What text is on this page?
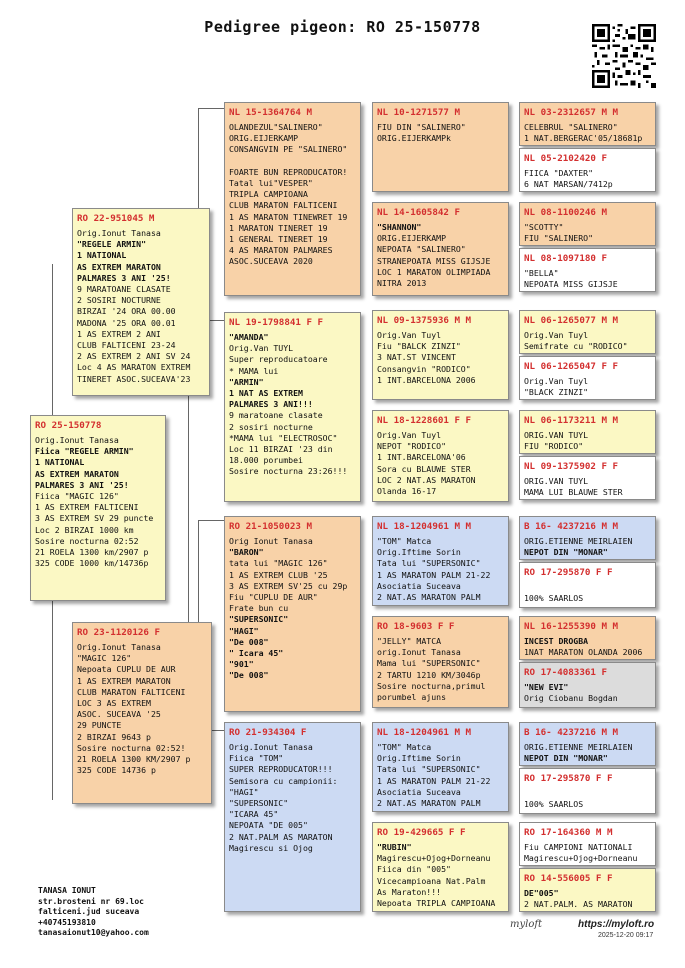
Pedigree pigeon: RO 25-150778
RO 25-150778
Orig.Ionut Tanasa
Fiica "REGELE ARMIN"
1 NATIONAL
AS EXTREM MARATON
PALMARES 3 ANI '25!
Fiica "MAGIC 126"
1 AS EXTREM FALTICENI
3 AS EXTREM SV 29 puncte
Loc 2 BIRZAI 1000 km
Sosire nocturna 02:52
21 ROELA 1300 km/2907 p
325 CODE 1000 km/14736p
RO 22-951045 M
Orig.Ionut Tanasa
"REGELE ARMIN"
1 NATIONAL
AS EXTREM MARATON
PALMARES 3 ANI '25!
9 MARATOANE CLASATE
2 SOSIRI NOCTURNE
BIRZAI '24 ORA 00.00
MADONA '25 ORA 00.01
1 AS EXTREM 2 ANI
CLUB FALTICENI 23-24
2 AS EXTREM 2 ANI SV 24
Loc 4 AS MARATON EXTREM
TINERET ASOC.SUCEAVA'23
RO 23-1120126 F
Orig.Ionut Tanasa
"MAGIC 126"
Nepoata CUPLU DE AUR
1 AS EXTREM MARATON
CLUB MARATON FALTICENI
LOC 3 AS EXTREM
ASOC. SUCEAVA '25
29 PUNCTE
2 BIRZAI 9643 p
Sosire nocturna 02:52!
21 ROELA 1300 KM/2907 p
325 CODE 14736 p
NL 15-1364764 M
OLANDEZUL"SALINERO"
ORIG.EIJERKAMP
CONSANGVIN PE "SALINERO"
FOARTE BUN REPRODUCATOR!
Tatal lui"VESPER"
TRIPLA CAMPIOANA
CLUB MARATON FALTICENI
1 AS MARATON TINEWRET 19
1 MARATON TINERET 19
1 GENERAL TINERET 19
4 AS MARATON PALMARES
ASOC.SUCEAVA 2020
NL 19-1798841 F F
"AMANDA"
Orig.Van TUYL
Super reproducatoare
* MAMA lui
"ARMIN"
1 NAT AS EXTREM
PALMARES 3 ANI!!!
9 maratoane clasate
2 sosiri nocturne
*MAMA lui "ELECTROSOC"
Loc 11 BIRZAI '23 din
18.000 porumbei
Sosire nocturna 23:26!!!
RO 21-1050023 M
Orig Ionut Tanasa
"BARON"
tata lui "MAGIC 126"
1 AS EXTREM CLUB '25
3 AS EXTREM SV'25 cu 29p
Fiu "CUPLU DE AUR"
Frate bun cu
"SUPERSONIC"
"HAGI"
"De 008"
" Icara 45"
"901"
"De 008"
RO 21-934304 F
Orig.Ionut Tanasa
Fiica "TOM"
SUPER REPRODUCATOR!!!
Semisora cu campionii:
"HAGI"
"SUPERSONIC"
"ICARA 45"
NEPOATA "DE 005"
2 NAT.PALM AS MARATON
Magirescu si Ojog
NL 10-1271577 M
FIU DIN "SALINERO"
ORIG.EIJERKAMPk
NL 14-1605842 F
"SHANNON"
ORIG.EIJERKAMP
NEPOATA "SALINERO"
STRANEPOATA MISS GIJSJE
LOC 1 MARATON OLIMPIADA
NITRA 2013
NL 09-1375936 M M
Orig.Van Tuyl
Fiu "BALCK ZINZI"
3 NAT.ST VINCENT
Consangvin "RODICO"
1 INT.BARCELONA 2006
NL 18-1228601 F F
Orig.Van Tuyl
NEPOT "RODICO"
1 INT.BARCELONA'06
Sora cu BLAUWE STER
LOC 2 NAT.AS MARATON
Olanda 16-17
NL 18-1204961 M M
"TOM" Matca
Orig.Iftime Sorin
Tata lui "SUPERSONIC"
1 AS MARATON PALM 21-22
Asociatia Suceava
2 NAT.AS MARATON PALM
RO 18-9603 F F
"JELLY" MATCA
orig.Ionut Tanasa
Mama lui "SUPERSONIC"
2 TARTU 1210 KM/3046p
Sosire nocturna,primul
porumbel ajuns
NL 18-1204961 M M
"TOM" Matca
Orig.Iftime Sorin
Tata lui "SUPERSONIC"
1 AS MARATON PALM 21-22
Asociatia Suceava
2 NAT.AS MARATON PALM
RO 19-429665 F F
"RUBIN"
Magirescu+Ojog+Dorneanu
Fiica din "005"
Vicecampioana Nat.Palm
As Maraton!!!
Nepoata TRIPLA CAMPIOANA
NL 03-2312657 M M
CELEBRUL "SALINERO"
1 NAT.BERGERAC'05/18681p
NL 05-2102420 F
FIICA "DAXTER"
6 NAT MARSAN/7412p
NL 08-1100246 M
"SCOTTY"
FIU "SALINERO"
NL 08-1097180 F
"BELLA"
NEPOATA MISS GIJSJE
NL 06-1265077 M M
Orig.Van Tuyl
Semifrate cu "RODICO"
NL 06-1265047 F F
Orig.Van Tuyl
"BLACK ZINZI"
NL 06-1173211 M M
ORIG.VAN TUYL
FIU "RODICO"
NL 09-1375902 F F
ORIG.VAN TUYL
MAMA LUI BLAUWE STER
B 16- 4237216 M M
ORIG.ETIENNE MEIRLAIEN
NEPOT DIN "MONAR"
RO 17-295870 F F
100% SAARLOS
NL 16-1255390 M M
INCEST DROGBA
1NAT MARATON OLANDA 2006
RO 17-4083361 F
"NEW EVI"
Orig Ciobanu Bogdan
B 16- 4237216 M M
ORIG.ETIENNE MEIRLAIEN
NEPOT DIN "MONAR"
RO 17-295870 F F
100% SAARLOS
RO 17-164360 M M
Fiu CAMPIONI NATIONALI
Magirescu+Ojog+Dorneanu
RO 14-556005 F F
DE"005"
2 NAT.PALM. AS MARATON
TANASA IONUT
str.brosteni nr 69.loc
falticeni.jud suceava
+40745193810
tanasaionut10@yahoo.com
myloft	https://myloft.ro
2025-12-20 09:17
